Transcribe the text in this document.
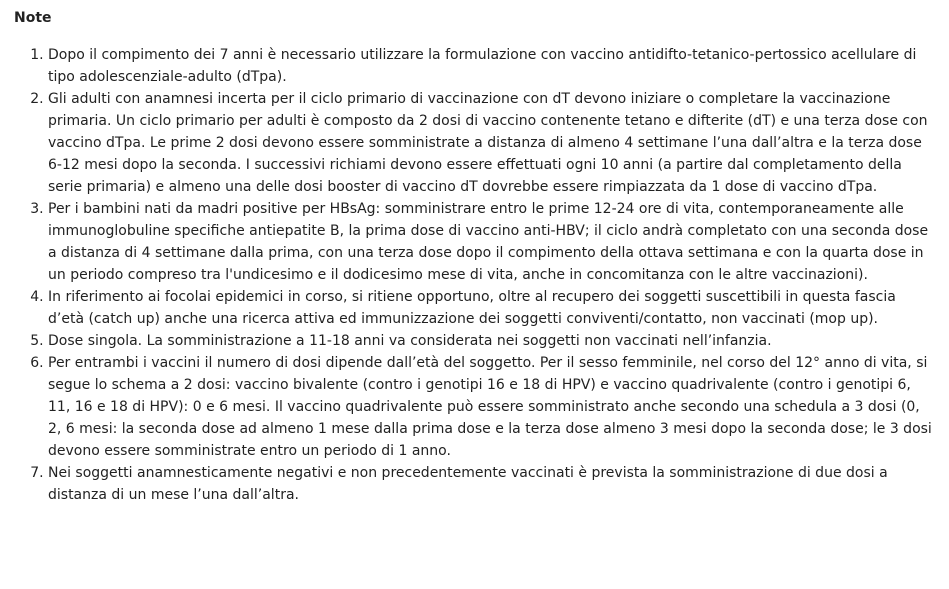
Note
1. Dopo il compimento dei 7 anni è necessario utilizzare la formulazione con vaccino antidifto-tetanico-pertossico acellulare di tipo adolescenziale-adulto (dTpa).
2. Gli adulti con anamnesi incerta per il ciclo primario di vaccinazione con dT devono iniziare o completare la vaccinazione primaria. Un ciclo primario per adulti è composto da 2 dosi di vaccino contenente tetano e difterite (dT) e una terza dose con vaccino dTpa. Le prime 2 dosi devono essere somministrate a distanza di almeno 4 settimane l’una dall’altra e la terza dose 6-12 mesi dopo la seconda. I successivi richiami devono essere effettuati ogni 10 anni (a partire dal completamento della serie primaria) e almeno una delle dosi booster di vaccino dT dovrebbe essere rimpiazzata da 1 dose di vaccino dTpa.
3. Per i bambini nati da madri positive per HBsAg: somministrare entro le prime 12-24 ore di vita, contemporaneamente alle immunoglobuline specifiche antiepatite B, la prima dose di vaccino anti-HBV; il ciclo andrà completato con una seconda dose a distanza di 4 settimane dalla prima, con una terza dose dopo il compimento della ottava settimana e con la quarta dose in un periodo compreso tra l'undicesimo e il dodicesimo mese di vita, anche in concomitanza con le altre vaccinazioni).
4. In riferimento ai focolai epidemici in corso, si ritiene opportuno, oltre al recupero dei soggetti suscettibili in questa fascia d’età (catch up) anche una ricerca attiva ed immunizzazione dei soggetti conviventi/contatto, non vaccinati (mop up).
5. Dose singola. La somministrazione a 11-18 anni va considerata nei soggetti non vaccinati nell’infanzia.
6. Per entrambi i vaccini il numero di dosi dipende dall’età del soggetto. Per il sesso femminile, nel corso del 12° anno di vita, si segue lo schema a 2 dosi: vaccino bivalente (contro i genotipi 16 e 18 di HPV) e vaccino quadrivalente (contro i genotipi 6, 11, 16 e 18 di HPV): 0 e 6 mesi. Il vaccino quadrivalente può essere somministrato anche secondo una schedula a 3 dosi (0, 2, 6 mesi: la seconda dose ad almeno 1 mese dalla prima dose e la terza dose almeno 3 mesi dopo la seconda dose; le 3 dosi devono essere somministrate entro un periodo di 1 anno.
7. Nei soggetti anamnesticamente negativi e non precedentemente vaccinati è prevista la somministrazione di due dosi a distanza di un mese l’una dall’altra.
